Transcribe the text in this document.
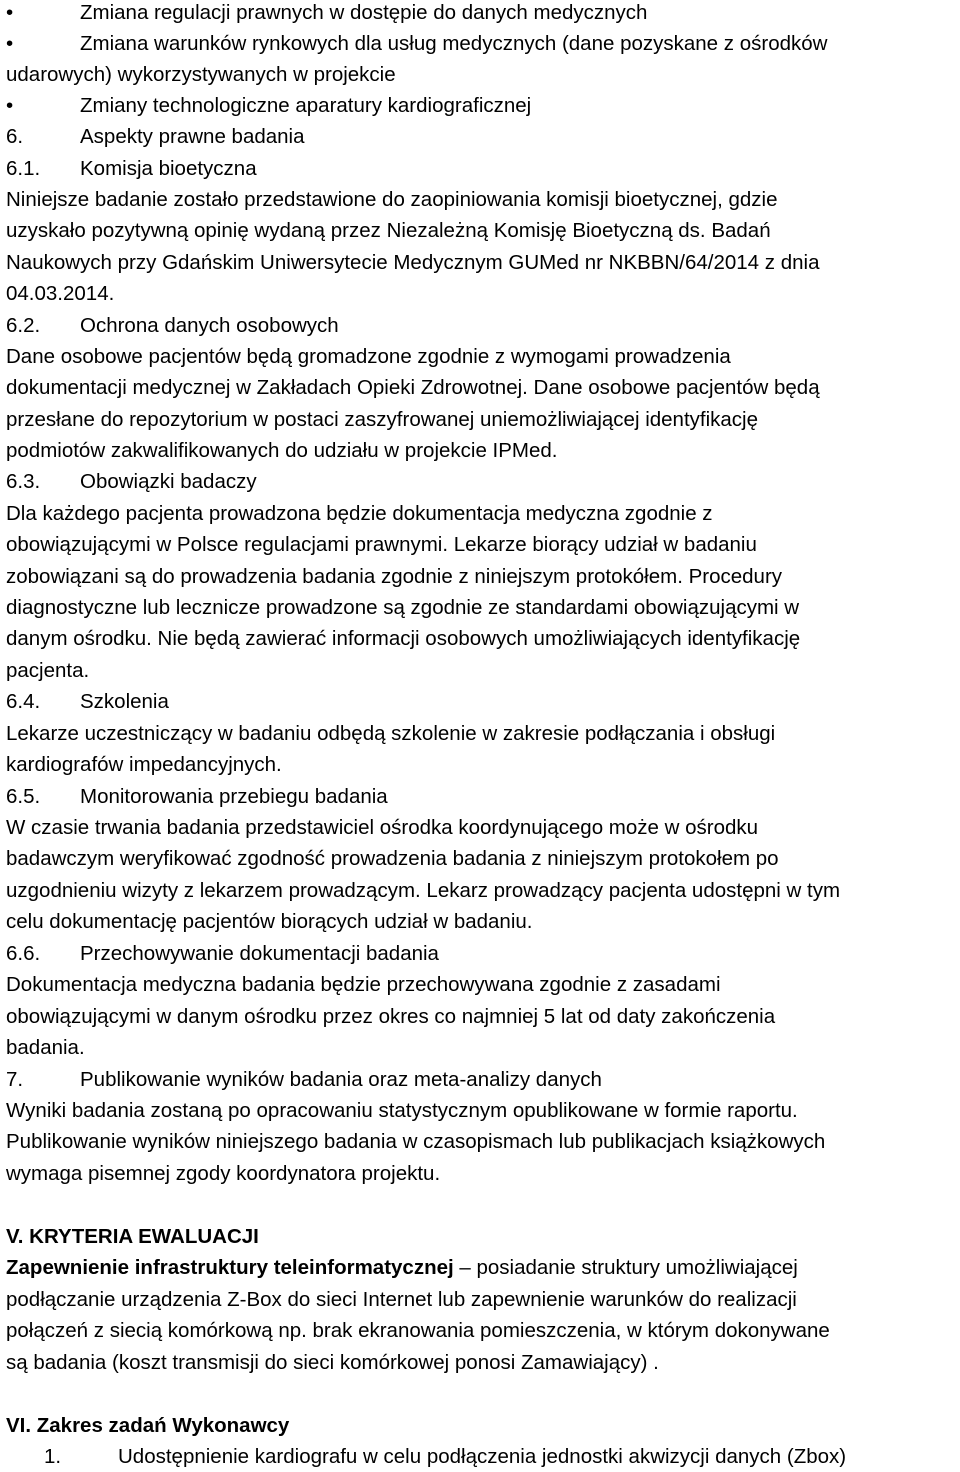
•	Zmiana regulacji prawnych w dostępie do danych medycznych
•	Zmiana warunków rynkowych dla usług medycznych (dane pozyskane z ośrodków
udarowych) wykorzystywanych w projekcie
•	Zmiany technologiczne aparatury kardiograficznej
6.	Aspekty prawne badania
6.1. Komisja bioetyczna
Niniejsze badanie zostało przedstawione do zaopiniowania komisji bioetycznej, gdzie
uzyskało pozytywną opinię wydaną przez Niezależną Komisję Bioetyczną ds. Badań
Naukowych przy Gdańskim Uniwersytecie Medycznym GUMed nr NKBBN/64/2014 z dnia
04.03.2014.
6.2. Ochrona danych osobowych
Dane osobowe pacjentów będą gromadzone zgodnie z wymogami prowadzenia
dokumentacji medycznej w Zakładach Opieki Zdrowotnej. Dane osobowe pacjentów będą
przesłane do repozytorium w postaci zaszyfrowanej uniemożliwiającej identyfikację
podmiotów zakwalifikowanych do udziału w projekcie IPMed.
6.3. Obowiązki badaczy
Dla każdego pacjenta prowadzona będzie dokumentacja medyczna zgodnie z
obowiązującymi w Polsce regulacjami prawnymi. Lekarze biorący udział w badaniu
zobowiązani są do prowadzenia badania zgodnie z niniejszym protokółem. Procedury
diagnostyczne lub lecznicze prowadzone są zgodnie ze standardami obowiązującymi w
danym ośrodku. Nie będą zawierać informacji osobowych umożliwiających identyfikację
pacjenta.
6.4. Szkolenia
Lekarze uczestniczący w badaniu odbędą szkolenie w zakresie podłączania i obsługi
kardiografów impedancyjnych.
6.5. Monitorowania przebiegu badania
W czasie trwania badania przedstawiciel ośrodka koordynującego może w ośrodku
badawczym weryfikować zgodność prowadzenia badania z niniejszym protokołem po
uzgodnieniu wizyty z lekarzem prowadzącym. Lekarz prowadzący pacjenta udostępni w tym
celu dokumentację pacjentów biorących udział w badaniu.
6.6. Przechowywanie dokumentacji badania
Dokumentacja medyczna badania będzie przechowywana zgodnie z zasadami
obowiązującymi w danym ośrodku przez okres co najmniej 5 lat od daty zakończenia
badania.
7.	Publikowanie wyników badania oraz meta-analizy danych
Wyniki badania zostaną po opracowaniu statystycznym opublikowane w formie raportu.
Publikowanie wyników niniejszego badania w czasopismach lub publikacjach książkowych
wymaga pisemnej zgody koordynatora projektu.
V. KRYTERIA EWALUACJI
Zapewnienie infrastruktury teleinformatycznej – posiadanie struktury umożliwiającej
podłączanie urządzenia Z-Box do sieci Internet lub zapewnienie warunków do realizacji
połączeń z siecią komórkową np. brak ekranowania pomieszczenia, w którym dokonywane
są badania (koszt transmisji do sieci komórkowej ponosi Zamawiający) .
VI. Zakres zadań Wykonawcy
1.	Udostępnienie kardiografu w celu podłączenia jednostki akwizycji danych (Zbox)
